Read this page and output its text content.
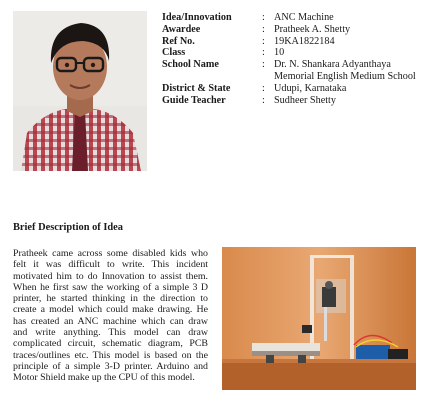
Idea/Innovation	: ANC Machine
Awardee	: Pratheek A. Shetty
Ref No.	: 19KA1822184
Class	: 10
School Name	: Dr. N. Shankara Adyanthaya Memorial English Medium School
District & State	: Udupi, Karnataka
Guide Teacher	: Sudheer Shetty
Brief Description of Idea
Pratheek came across some disabled kids who felt it was difficult to write. This incident motivated him to do Innovation to assist them. When he first saw the working of a simple 3 D printer, he started thinking in the direction to create a model which could make drawing. He has created an ANC machine which can draw and write anything. This model can draw complicated circuit, schematic diagram, PCB traces/outlines etc. This model is based on the principle of a simple 3-D printer. Arduino and Motor Shield make up the CPU of this model.
